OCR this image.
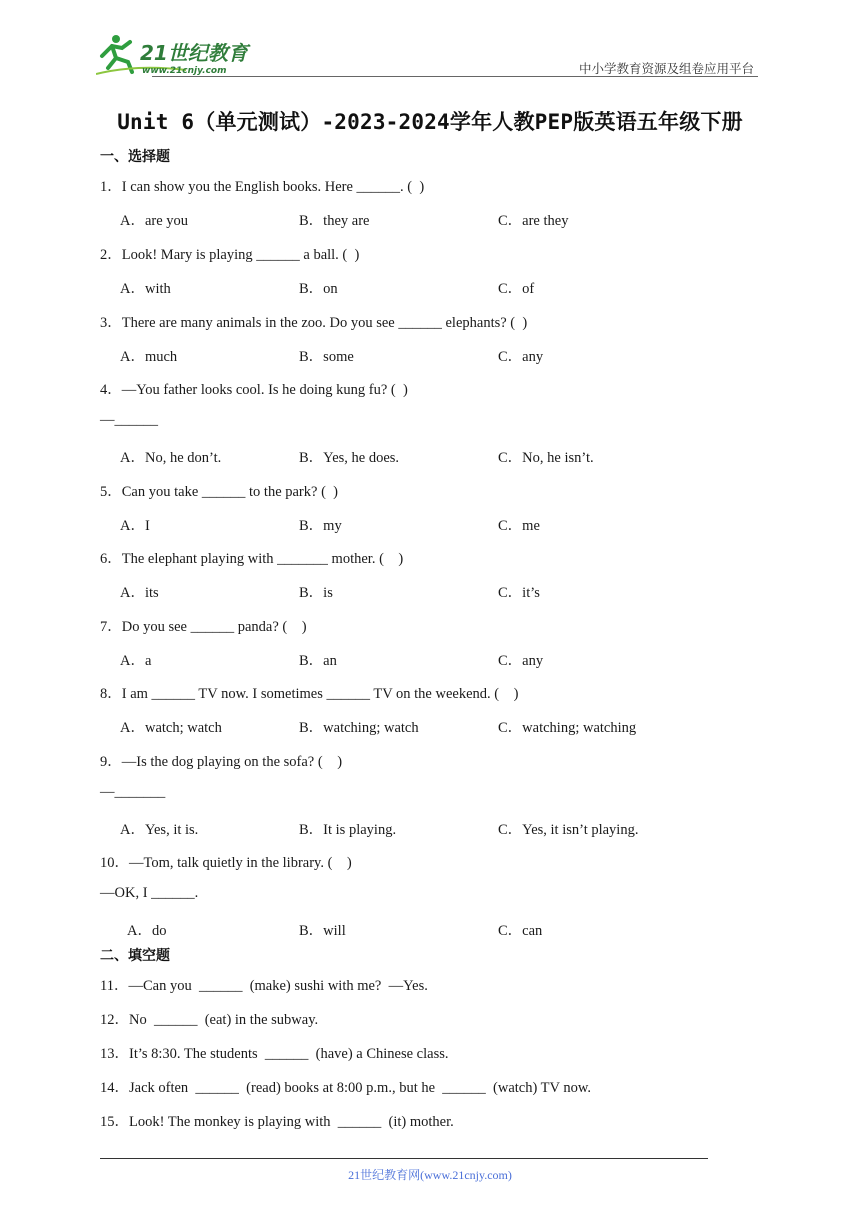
21世纪教育
www.21cnjy.com	中小学教育资源及组卷应用平台
Unit 6（单元测试）-2023-2024学年人教PEP版英语五年级下册
一、选择题
1．I can show you the English books. Here ______. (  )
A．are you	B．they are	C．are they
2．Look! Mary is playing ______ a ball. (  )
A．with	B．on	C．of
3．There are many animals in the zoo. Do you see ______ elephants? (  )
A．much	B．some	C．any
4．—You father looks cool. Is he doing kung fu? (  )
—______
A．No, he don’t.	B．Yes, he does.	C．No, he isn’t.
5．Can you take ______ to the park? (  )
A．I	B．my	C．me
6．The elephant playing with _______ mother. (    )
A．its	B．is	C．it’s
7．Do you see ______ panda? (    )
A．a	B．an	C．any
8．I am ______ TV now. I sometimes ______ TV on the weekend. (    )
A．watch; watch	B．watching; watch	C．watching; watching
9．—Is the dog playing on the sofa? (    )
—_______
A．Yes, it is.	B．It is playing.	C．Yes, it isn’t playing.
10．—Tom, talk quietly in the library. (    )
—OK, I ______.
A．do	B．will	C．can
二、填空题
11．—Can you  ______  (make) sushi with me?  —Yes.
12．No  ______  (eat) in the subway.
13．It’s 8:30. The students  ______  (have) a Chinese class.
14．Jack often  ______  (read) books at 8:00 p.m., but he  ______  (watch) TV now.
15．Look! The monkey is playing with  ______  (it) mother.
21世纪教育网(www.21cnjy.com)
